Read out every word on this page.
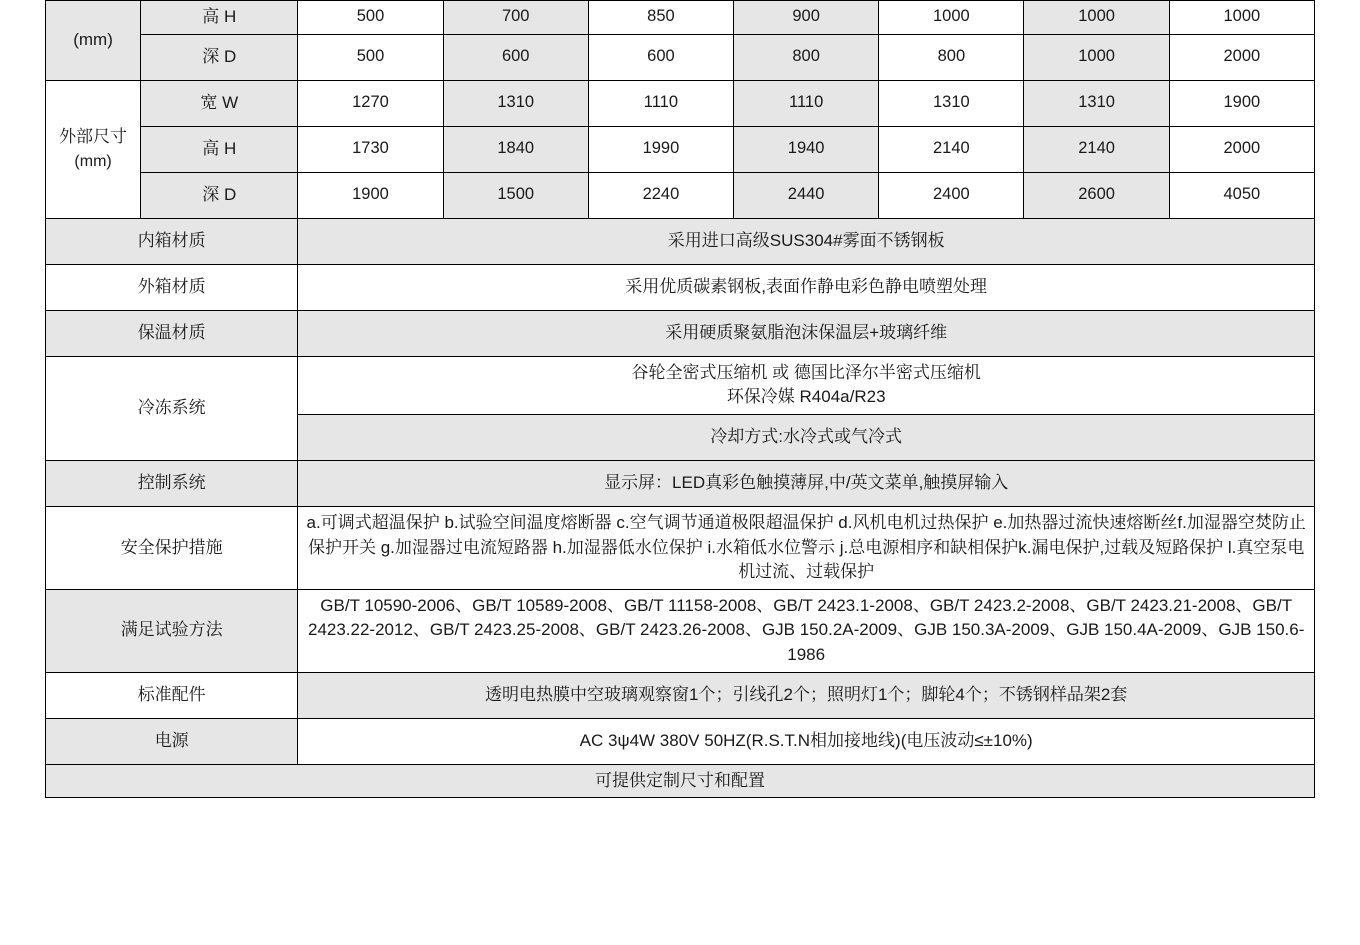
(mm)	高 H	500	700	850	900	1000	1000	1000
	深 D	500	600	600	800	800	1000	2000
外部尺寸
(mm)	宽 W	1270	1310	1110	1110	1310	1310	1900
	高 H	1730	1840	1990	1940	2140	2140	2000
	深 D	1900	1500	2240	2440	2400	2600	4050
内箱材质		采用进口高级SUS304#雾面不锈钢板						
外箱材质		采用优质碳素钢板,表面作静电彩色静电喷塑处理						
保温材质		采用硬质聚氨脂泡沫保温层+玻璃纤维						
冷冻系统		谷轮全密式压缩机 或 德国比泽尔半密式压缩机
环保冷媒 R404a/R23						
		冷却方式:水冷式或气冷式						
控制系统		显示屏：LED真彩色触摸薄屏,中/英文菜单,触摸屏输入						
安全保护措施		a.可调式超温保护 b.试验空间温度熔断器 c.空气调节通道极限超温保护 d.风机电机过热保护 e.加热器过流快速熔断丝f.加湿器空焚防止保护开关 g.加湿器过电流短路器 h.加湿器低水位保护 i.水箱低水位警示 j.总电源相序和缺相保护k.漏电保护,过载及短路保护 l.真空泵电机过流、过载保护						
满足试验方法		GB/T 10590-2006、GB/T 10589-2008、GB/T 11158-2008、GB/T 2423.1-2008、GB/T 2423.2-2008、GB/T 2423.21-2008、GB/T 2423.22-2012、GB/T 2423.25-2008、GB/T 2423.26-2008、GJB 150.2A-2009、GJB 150.3A-2009、GJB 150.4A-2009、GJB 150.6-1986						
标准配件		透明电热膜中空玻璃观察窗1个；引线孔2个；照明灯1个；脚轮4个；不锈钢样品架2套						
电源		AC 3ψ4W 380V 50HZ(R.S.T.N相加接地线)(电压波动≤±10%)						
可提供定制尺寸和配置								
